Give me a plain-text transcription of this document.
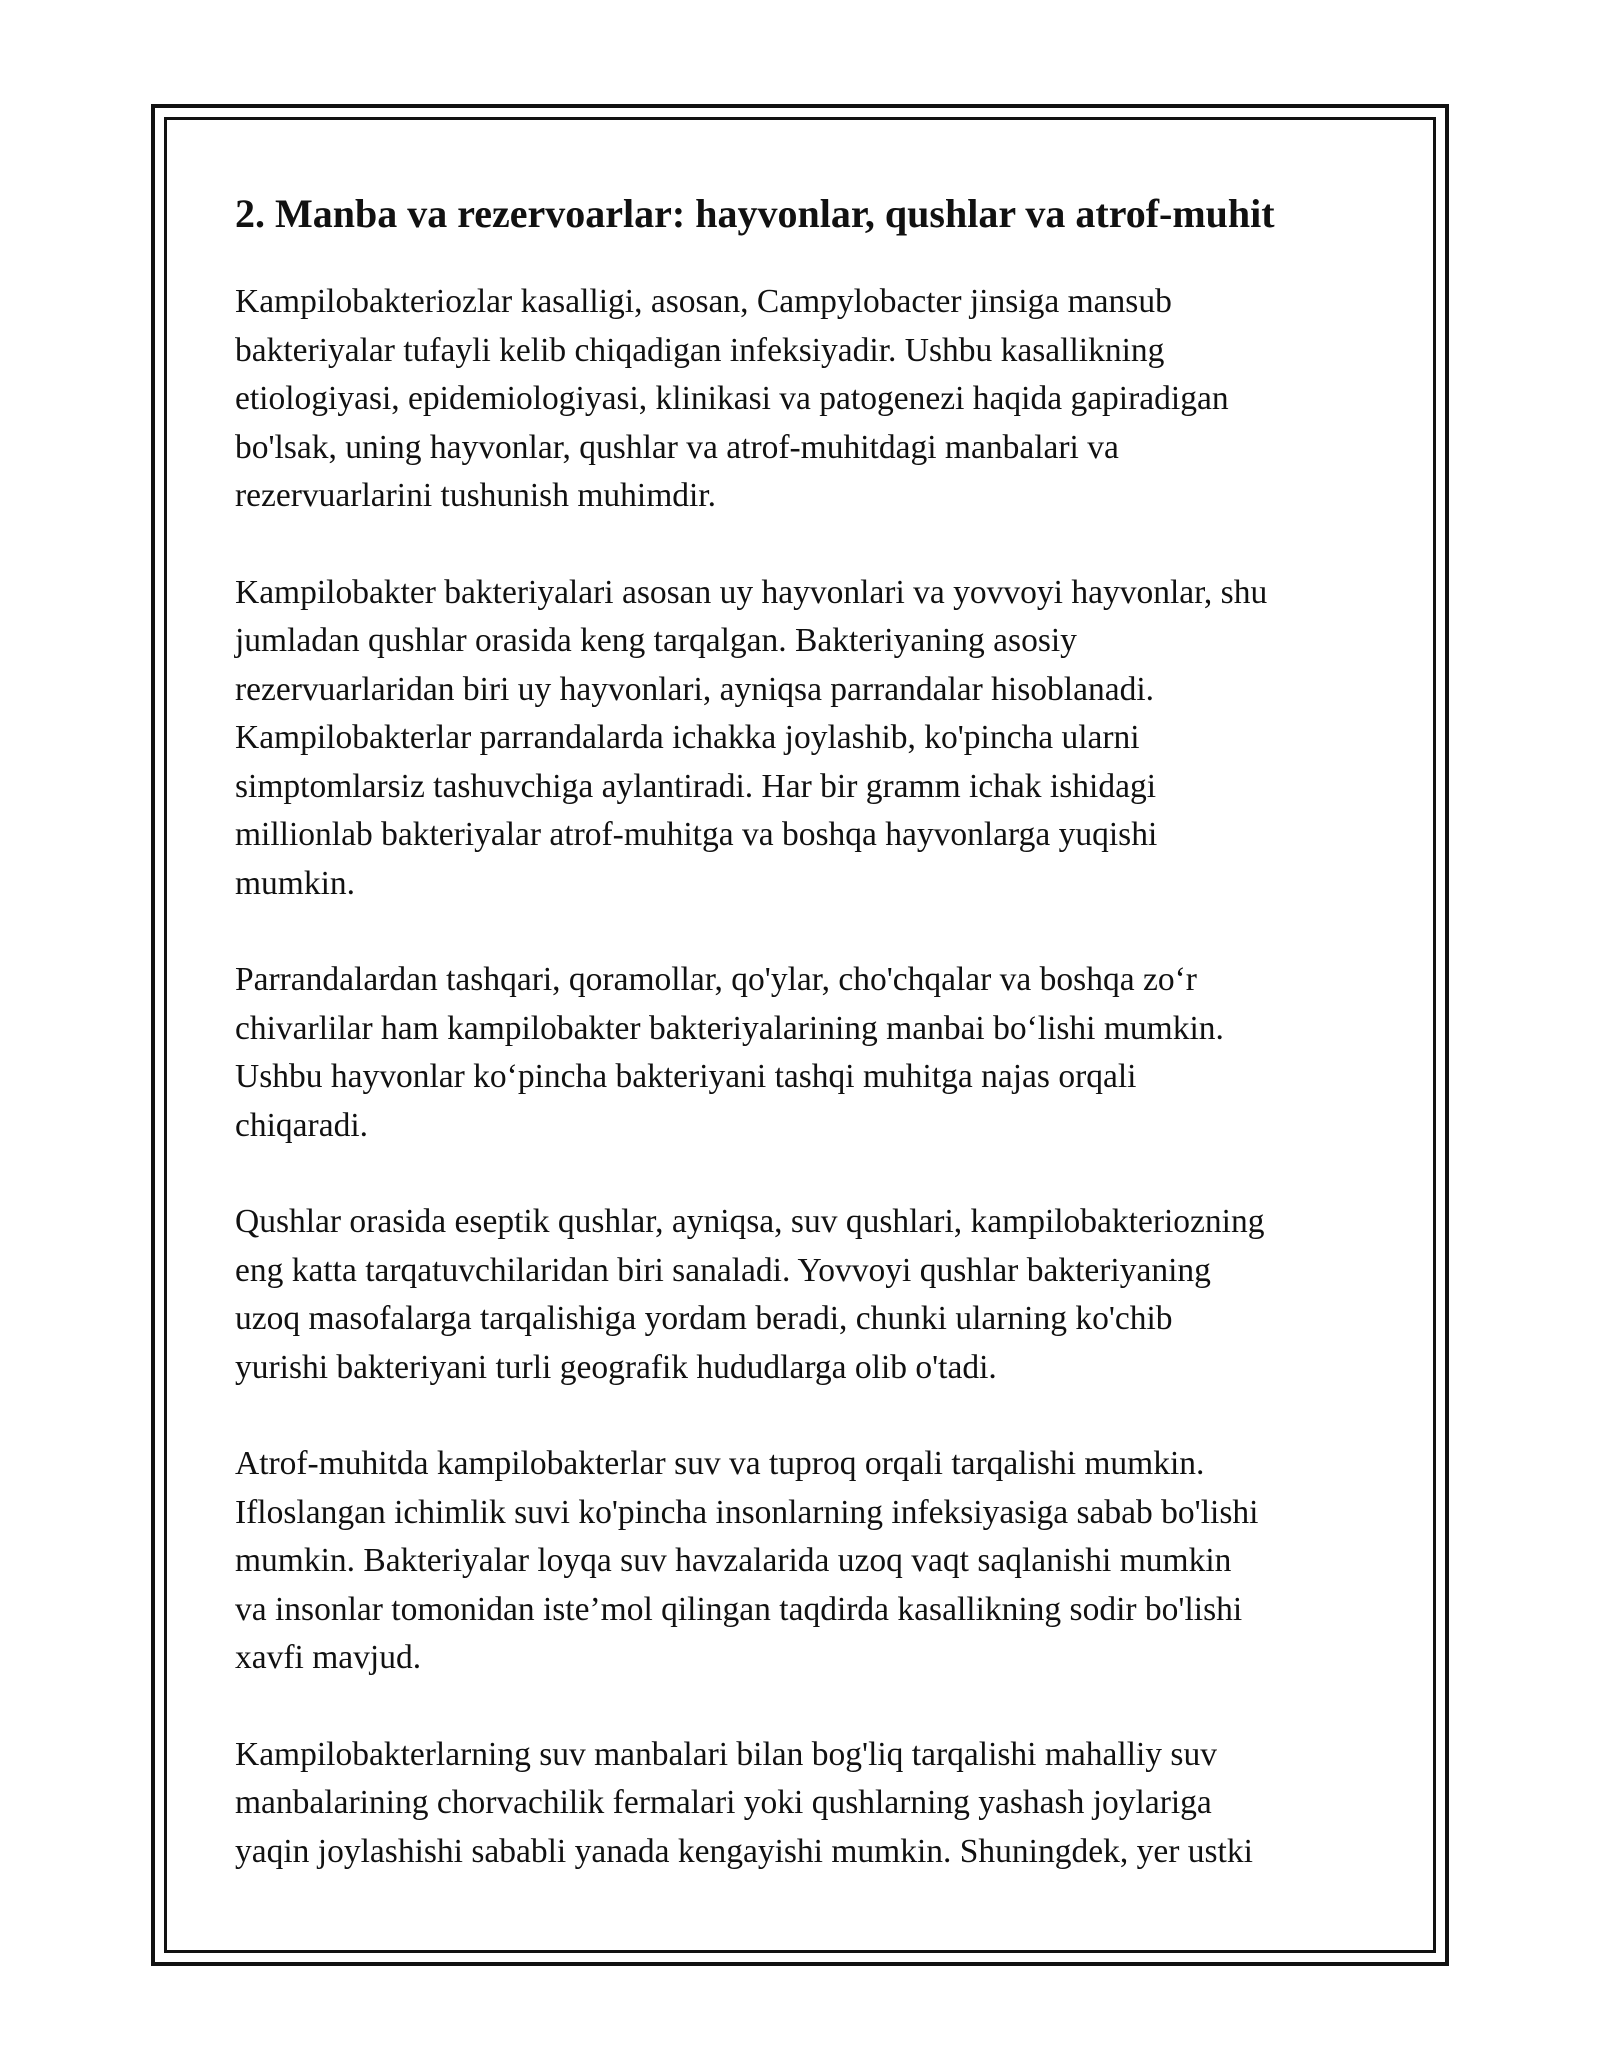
2. Manba va rezervoarlar: hayvonlar, qushlar va atrof-muhit

Kampilobakteriozlar kasalligi, asosan, Campylobacter jinsiga mansub
bakteriyalar tufayli kelib chiqadigan infeksiyadir. Ushbu kasallikning
etiologiyasi, epidemiologiyasi, klinikasi va patogenezi haqida gapiradigan
bo'lsak, uning hayvonlar, qushlar va atrof-muhitdagi manbalari va
rezervuarlarini tushunish muhimdir.

Kampilobakter bakteriyalari asosan uy hayvonlari va yovvoyi hayvonlar, shu
jumladan qushlar orasida keng tarqalgan. Bakteriyaning asosiy
rezervuarlaridan biri uy hayvonlari, ayniqsa parrandalar hisoblanadi.
Kampilobakterlar parrandalarda ichakka joylashib, ko'pincha ularni
simptomlarsiz tashuvchiga aylantiradi. Har bir gramm ichak ishidagi
millionlab bakteriyalar atrof-muhitga va boshqa hayvonlarga yuqishi
mumkin.

Parrandalardan tashqari, qoramollar, qo'ylar, cho'chqalar va boshqa zo‘r
chivarlilar ham kampilobakter bakteriyalarining manbai bo‘lishi mumkin.
Ushbu hayvonlar ko‘pincha bakteriyani tashqi muhitga najas orqali
chiqaradi.

Qushlar orasida eseptik qushlar, ayniqsa, suv qushlari, kampilobakteriozning
eng katta tarqatuvchilaridan biri sanaladi. Yovvoyi qushlar bakteriyaning
uzoq masofalarga tarqalishiga yordam beradi, chunki ularning ko'chib
yurishi bakteriyani turli geografik hududlarga olib o'tadi.

Atrof-muhitda kampilobakterlar suv va tuproq orqali tarqalishi mumkin.
Ifloslangan ichimlik suvi ko'pincha insonlarning infeksiyasiga sabab bo'lishi
mumkin. Bakteriyalar loyqa suv havzalarida uzoq vaqt saqlanishi mumkin
va insonlar tomonidan iste’mol qilingan taqdirda kasallikning sodir bo'lishi
xavfi mavjud.

Kampilobakterlarning suv manbalari bilan bog'liq tarqalishi mahalliy suv
manbalarining chorvachilik fermalari yoki qushlarning yashash joylariga
yaqin joylashishi sababli yanada kengayishi mumkin. Shuningdek, yer ustki
